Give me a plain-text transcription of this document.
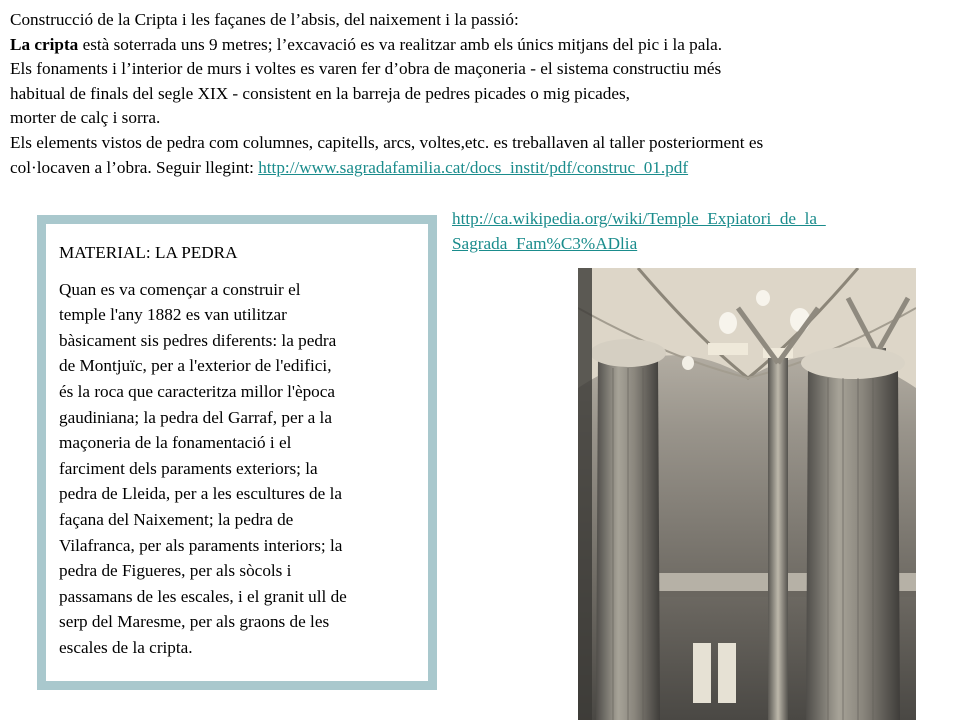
Construcció de la Cripta i les façanes de l’absis, del naixement i la passió:
La cripta està soterrada uns 9 metres; l’excavació es va realitzar amb els únics mitjans del pic i la pala.
Els fonaments i l’interior de murs i voltes es varen fer d’obra de maçoneria - el sistema constructiu més
habitual de finals del segle XIX - consistent en la barreja de pedres picades o mig picades,
morter de calç i sorra.
Els elements vistos de pedra com columnes, capitells, arcs, voltes,etc. es treballaven al taller posteriorment es
col·locaven a l’obra. Seguir llegint: http://www.sagradafamilia.cat/docs_instit/pdf/construc_01.pdf
http://ca.wikipedia.org/wiki/Temple_Expiatori_de_la_
Sagrada_Fam%C3%ADlia
MATERIAL: LA PEDRA
Quan es va començar a construir el
temple l'any 1882 es van utilitzar
bàsicament sis pedres diferents: la pedra
de Montjuïc, per a l'exterior de l'edifici,
és la roca que caracteritza millor l'època
gaudiniana; la pedra del Garraf, per a la
maçoneria de la fonamentació i el
farciment dels paraments exteriors; la
pedra de Lleida, per a les escultures de la
façana del Naixement; la pedra de
Vilafranca, per als paraments interiors; la
pedra de Figueres, per als sòcols i
passamans de les escales, i el granit ull de
serp del Maresme, per als graons de les
escales de la cripta.
